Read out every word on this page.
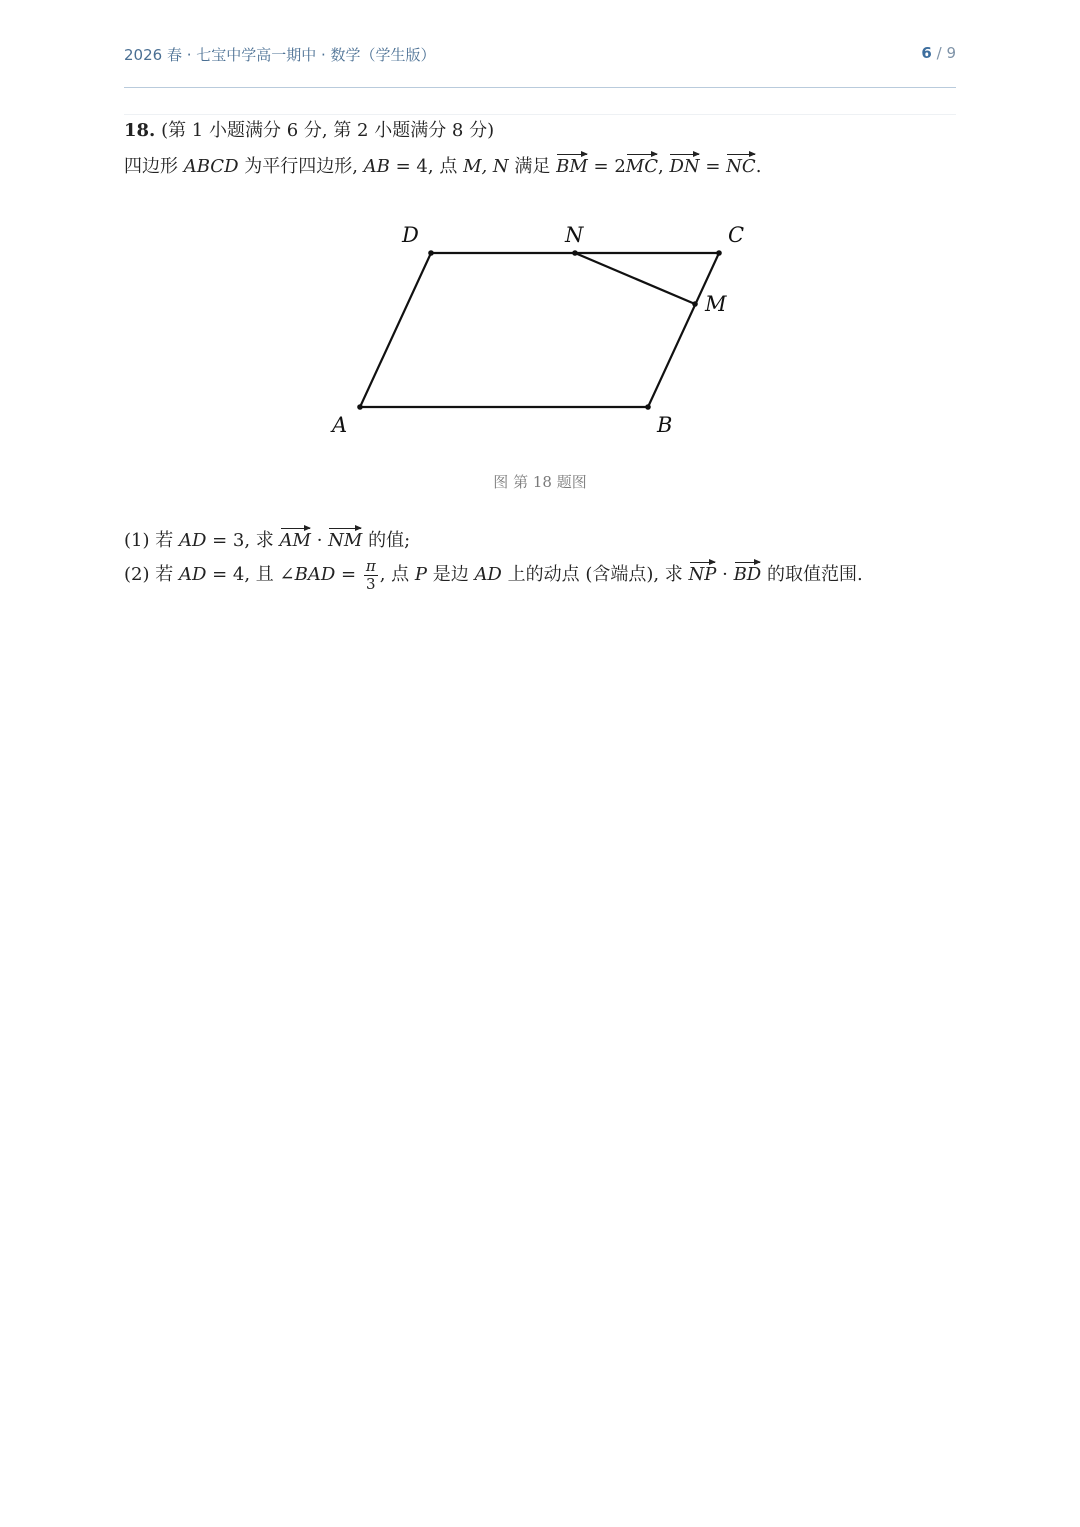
2026 春 · 七宝中学高一期中 · 数学（学生版）	6 / 9
18. (第 1 小题满分 6 分, 第 2 小题满分 8 分)
四边形 ABCD 为平行四边形, AB = 4, 点 M, N 满足 BM = 2MC, DN = NC.
A	B
C
D	N
M
图 第 18 题图
(1) 若 AD = 3, 求 AM · NM 的值;
(2) 若 AD = 4, 且 ∠BAD = $\frac{\pi}{3}$ , 点 P 是边 AD 上的动点 (含端点), 求 NP · BD 的取值范围.
